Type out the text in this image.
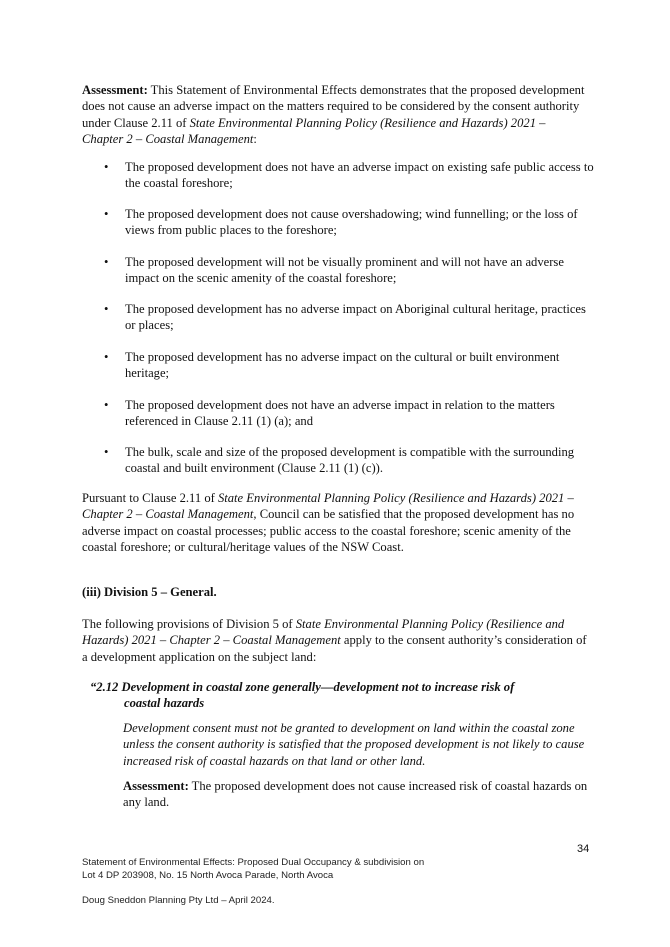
Assessment: This Statement of Environmental Effects demonstrates that the proposed development does not cause an adverse impact on the matters required to be considered by the consent authority under Clause 2.11 of State Environmental Planning Policy (Resilience and Hazards) 2021 – Chapter 2 – Coastal Management:
• The proposed development does not have an adverse impact on existing safe public access to the coastal foreshore;
• The proposed development does not cause overshadowing; wind funnelling; or the loss of views from public places to the foreshore;
• The proposed development will not be visually prominent and will not have an adverse impact on the scenic amenity of the coastal foreshore;
• The proposed development has no adverse impact on Aboriginal cultural heritage, practices or places;
• The proposed development has no adverse impact on the cultural or built environment heritage;
• The proposed development does not have an adverse impact in relation to the matters referenced in Clause 2.11 (1) (a); and
• The bulk, scale and size of the proposed development is compatible with the surrounding coastal and built environment (Clause 2.11 (1) (c)).
Pursuant to Clause 2.11 of State Environmental Planning Policy (Resilience and Hazards) 2021 – Chapter 2 – Coastal Management, Council can be satisfied that the proposed development has no adverse impact on coastal processes; public access to the coastal foreshore; scenic amenity of the coastal foreshore; or cultural/heritage values of the NSW Coast.
(iii) Division 5 – General.
The following provisions of Division 5 of State Environmental Planning Policy (Resilience and Hazards) 2021 – Chapter 2 – Coastal Management apply to the consent authority’s consideration of a development application on the subject land:
“2.12 Development in coastal zone generally—development not to increase risk of
coastal hazards
Development consent must not be granted to development on land within the coastal zone unless the consent authority is satisfied that the proposed development is not likely to cause increased risk of coastal hazards on that land or other land.
Assessment: The proposed development does not cause increased risk of coastal hazards on any land.
34
Statement of Environmental Effects: Proposed Dual Occupancy & subdivision on
Lot 4 DP 203908, No. 15 North Avoca Parade, North Avoca
Doug Sneddon Planning Pty Ltd – April 2024.
